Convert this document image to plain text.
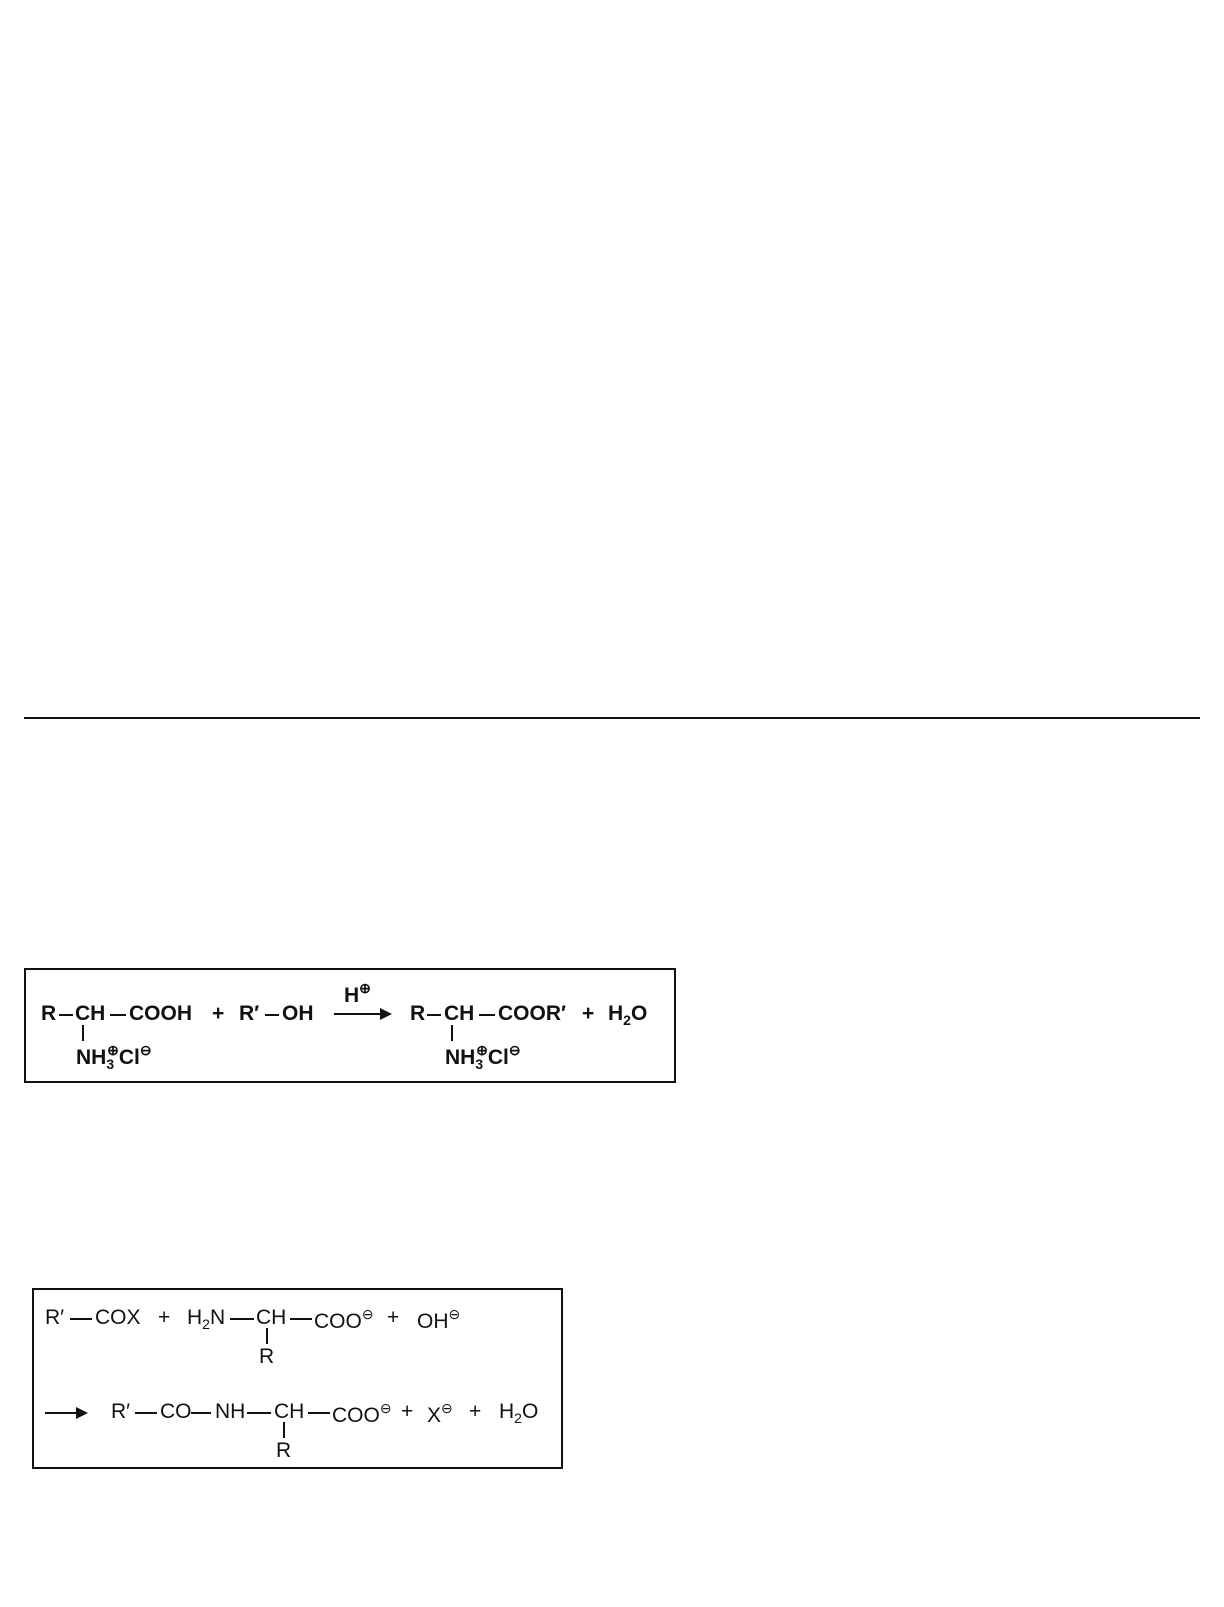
R CH COOH + R′ OH
H⊕
→ R CH COOR′ + $H_2O$
$NH_3^\oplus Cl^⊖$	$NH_3^\oplus Cl^⊖$
R′ COX + $H_2N$ CH COO⊖ + OH⊖
R
R′ CO NH CH $COO^⊖ + X^⊖ + H_2O$
R
